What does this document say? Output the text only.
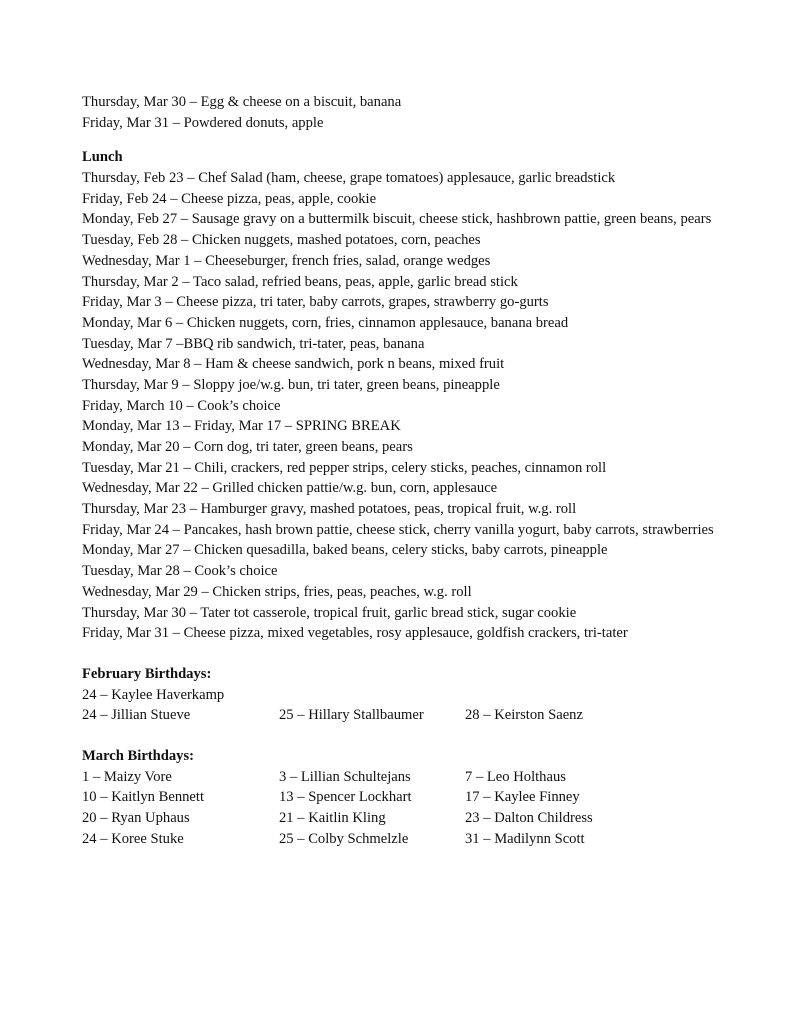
Thursday, Mar 30 – Egg & cheese on a biscuit, banana
Friday, Mar 31 – Powdered donuts, apple
Lunch
Thursday, Feb 23 – Chef Salad (ham, cheese, grape tomatoes) applesauce, garlic breadstick
Friday, Feb 24 – Cheese pizza, peas, apple, cookie
Monday, Feb 27 – Sausage gravy on a buttermilk biscuit, cheese stick, hashbrown pattie, green beans, pears
Tuesday, Feb 28 – Chicken nuggets, mashed potatoes, corn, peaches
Wednesday, Mar 1 – Cheeseburger, french fries, salad, orange wedges
Thursday, Mar 2 – Taco salad, refried beans, peas, apple, garlic bread stick
Friday, Mar 3 – Cheese pizza, tri tater, baby carrots, grapes, strawberry go-gurts
Monday, Mar 6 – Chicken nuggets, corn, fries, cinnamon applesauce, banana bread
Tuesday, Mar 7 –BBQ rib sandwich, tri-tater, peas, banana
Wednesday, Mar 8 – Ham & cheese sandwich, pork n beans, mixed fruit
Thursday, Mar 9 – Sloppy joe/w.g. bun, tri tater, green beans, pineapple
Friday, March 10 – Cook’s choice
Monday, Mar 13 – Friday, Mar 17 – SPRING BREAK
Monday, Mar 20 – Corn dog, tri tater, green beans, pears
Tuesday, Mar 21 – Chili, crackers, red pepper strips, celery sticks, peaches, cinnamon roll
Wednesday, Mar 22 – Grilled chicken pattie/w.g. bun, corn, applesauce
Thursday, Mar 23 – Hamburger gravy, mashed potatoes, peas, tropical fruit, w.g. roll
Friday, Mar 24 – Pancakes, hash brown pattie, cheese stick, cherry vanilla yogurt, baby carrots, strawberries
Monday, Mar 27 – Chicken quesadilla, baked beans, celery sticks, baby carrots, pineapple
Tuesday, Mar 28 – Cook’s choice
Wednesday, Mar 29 – Chicken strips, fries, peas, peaches, w.g. roll
Thursday, Mar 30 – Tater tot casserole, tropical fruit, garlic bread stick, sugar cookie
Friday, Mar 31 – Cheese pizza, mixed vegetables, rosy applesauce, goldfish crackers, tri-tater
February Birthdays:
24 – Kaylee Haverkamp
24 – Jillian Stueve	25 – Hillary Stallbaumer	28 – Keirston Saenz
March Birthdays:
1 – Maizy Vore	3 – Lillian Schultejans	7 – Leo Holthaus
10 – Kaitlyn Bennett	13 – Spencer Lockhart	17 – Kaylee Finney
20 – Ryan Uphaus	21 – Kaitlin Kling	23 – Dalton Childress
24 – Koree Stuke	25 – Colby Schmelzle	31 – Madilynn Scott
